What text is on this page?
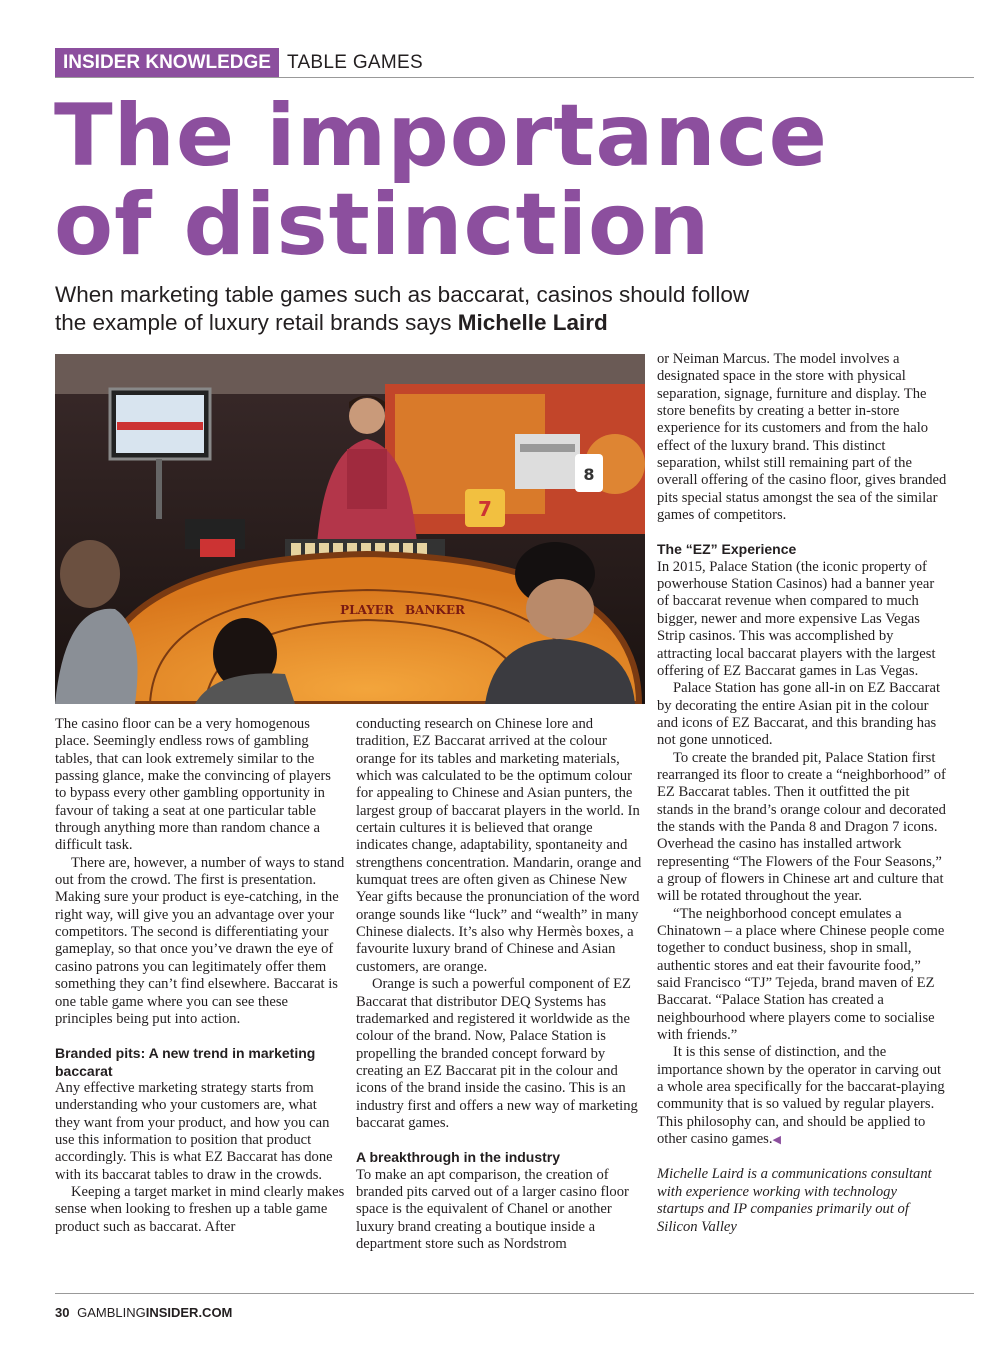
INSIDER KNOWLEDGE TABLE GAMES
The importance
of distinction
When marketing table games such as baccarat, casinos should follow the example of luxury retail brands says Michelle Laird
7
8
PLAYER BANKER

The casino floor can be a very homogenous place. Seemingly endless rows of gambling tables, that can look extremely similar to the passing glance, make the convincing of players to bypass every other gambling opportunity in favour of taking a seat at one particular table through anything more than random chance a difficult task.

There are, however, a number of ways to stand out from the crowd. The first is presentation. Making sure your product is eye-catching, in the right way, will give you an advantage over your competitors. The second is differentiating your gameplay, so that once you’ve drawn the eye of casino patrons you can legitimately offer them something they can’t find elsewhere. Baccarat is one table game where you can see these principles being put into action.

Branded pits: A new trend in marketing baccarat

Any effective marketing strategy starts from understanding who your customers are, what they want from your product, and how you can use this information to position that product accordingly. This is what EZ Baccarat has done with its baccarat tables to draw in the crowds.

Keeping a target market in mind clearly makes sense when looking to freshen up a table game product such as baccarat. After

conducting research on Chinese lore and tradition, EZ Baccarat arrived at the colour orange for its tables and marketing materials, which was calculated to be the optimum colour for appealing to Chinese and Asian punters, the largest group of baccarat players in the world. In certain cultures it is believed that orange indicates change, adaptability, spontaneity and strengthens concentration. Mandarin, orange and kumquat trees are often given as Chinese New Year gifts because the pronunciation of the word orange sounds like “luck” and “wealth” in many Chinese dialects. It’s also why Hermès boxes, a favourite luxury brand of Chinese and Asian customers, are orange.

Orange is such a powerful component of EZ Baccarat that distributor DEQ Systems has trademarked and registered it worldwide as the colour of the brand. Now, Palace Station is propelling the branded concept forward by creating an EZ Baccarat pit in the colour and icons of the brand inside the casino. This is an industry first and offers a new way of marketing baccarat games.

A breakthrough in the industry

To make an apt comparison, the creation of branded pits carved out of a larger casino floor space is the equivalent of Chanel or another luxury brand creating a boutique inside a department store such as Nordstrom

or Neiman Marcus. The model involves a designated space in the store with physical separation, signage, furniture and display. The store benefits by creating a better in-store experience for its customers and from the halo effect of the luxury brand. This distinct separation, whilst still remaining part of the overall offering of the casino floor, gives branded pits special status amongst the sea of the similar games of competitors.

The “EZ” Experience

In 2015, Palace Station (the iconic property of powerhouse Station Casinos) had a banner year of baccarat revenue when compared to much bigger, newer and more expensive Las Vegas Strip casinos. This was accomplished by attracting local baccarat players with the largest offering of EZ Baccarat games in Las Vegas.

Palace Station has gone all-in on EZ Baccarat by decorating the entire Asian pit in the colour and icons of EZ Baccarat, and this branding has not gone unnoticed.

To create the branded pit, Palace Station first rearranged its floor to create a “neighborhood” of EZ Baccarat tables. Then it outfitted the pit stands in the brand’s orange colour and decorated the stands with the Panda 8 and Dragon 7 icons. Overhead the casino has installed artwork representing “The Flowers of the Four Seasons,” a group of flowers in Chinese art and culture that will be rotated throughout the year.

“The neighborhood concept emulates a Chinatown – a place where Chinese people come together to conduct business, shop in small, authentic stores and eat their favourite food,” said Francisco “TJ” Tejeda, brand maven of EZ Baccarat. “Palace Station has created a neighbourhood where players come to socialise with friends.”

It is this sense of distinction, and the importance shown by the operator in carving out a whole area specifically for the baccarat-playing community that is so valued by regular players. This philosophy can, and should be applied to other casino games.◀

Michelle Laird is a communications consultant with experience working with technology startups and IP companies primarily out of Silicon Valley

30 GAMBLINGINSIDER.COM
